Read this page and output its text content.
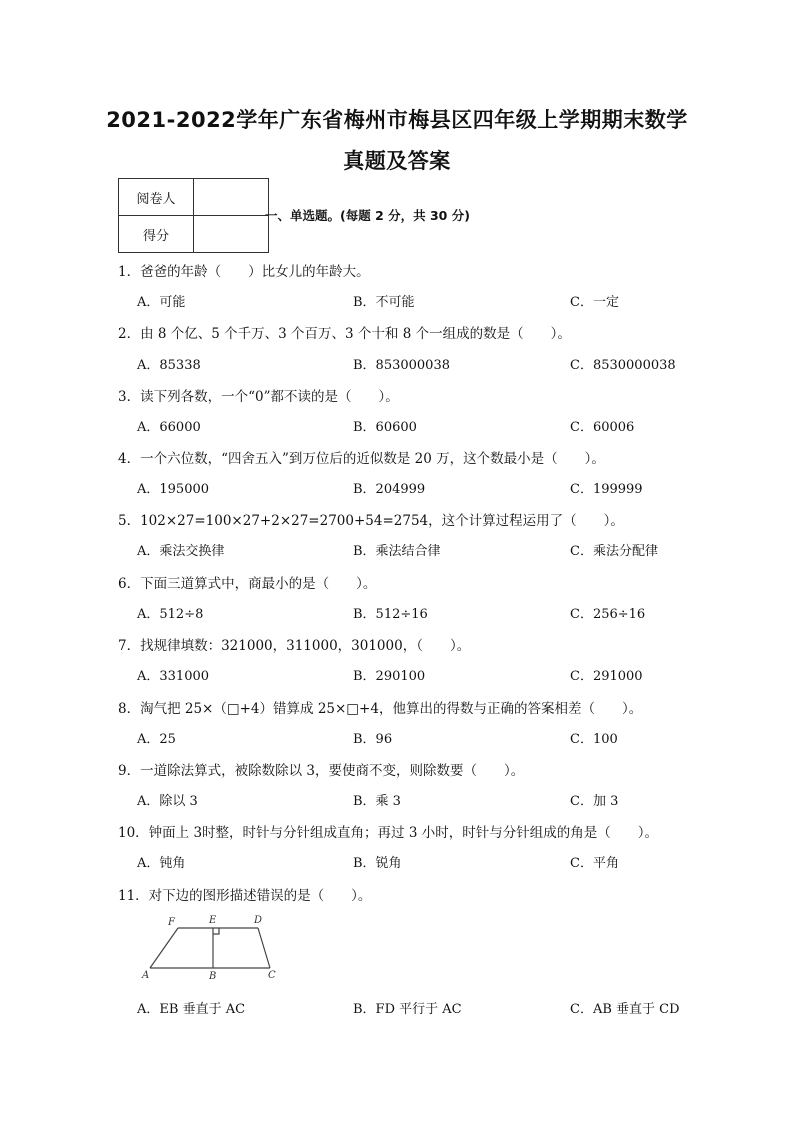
2021-2022学年广东省梅州市梅县区四年级上学期期末数学
真题及答案
阅卷人	
得分	
一、单选题。(每题 2 分，共 30 分)
1．爸爸的年龄（　　）比女儿的年龄大。
A．可能	B．不可能	C．一定
2．由 8 个亿、5 个千万、3 个百万、3 个十和 8 个一组成的数是（　　）。
A．85338	B．853000038	C．8530000038
3．读下列各数，一个“0”都不读的是（　　）。
A．66000	B．60600	C．60006
4．一个六位数，“四舍五入”到万位后的近似数是 20 万，这个数最小是（　　）。
A．195000	B．204999	C．199999
5．102×27=100×27+2×27=2700+54=2754，这个计算过程运用了（　　）。
A．乘法交换律	B．乘法结合律	C．乘法分配律
6．下面三道算式中，商最小的是（　　）。
A．512÷8	B．512÷16	C．256÷16
7．找规律填数：321000，311000，301000，（　　）。
A．331000	B．290100	C．291000
8．淘气把 25×（□+4）错算成 25×□+4，他算出的得数与正确的答案相差（　　）。
A．25	B．96	C．100
9．一道除法算式，被除数除以 3，要使商不变，则除数要（　　）。
A．除以 3	B．乘 3	C．加 3
10．钟面上 3时整，时针与分针组成直角；再过 3 小时，时针与分针组成的角是（　　）。
A．钝角	B．锐角	C．平角
11．对下边的图形描述错误的是（　　）。
F	E	D
A	B	C
A．EB 垂直于 AC	B．FD 平行于 AC	C．AB 垂直于 CD
